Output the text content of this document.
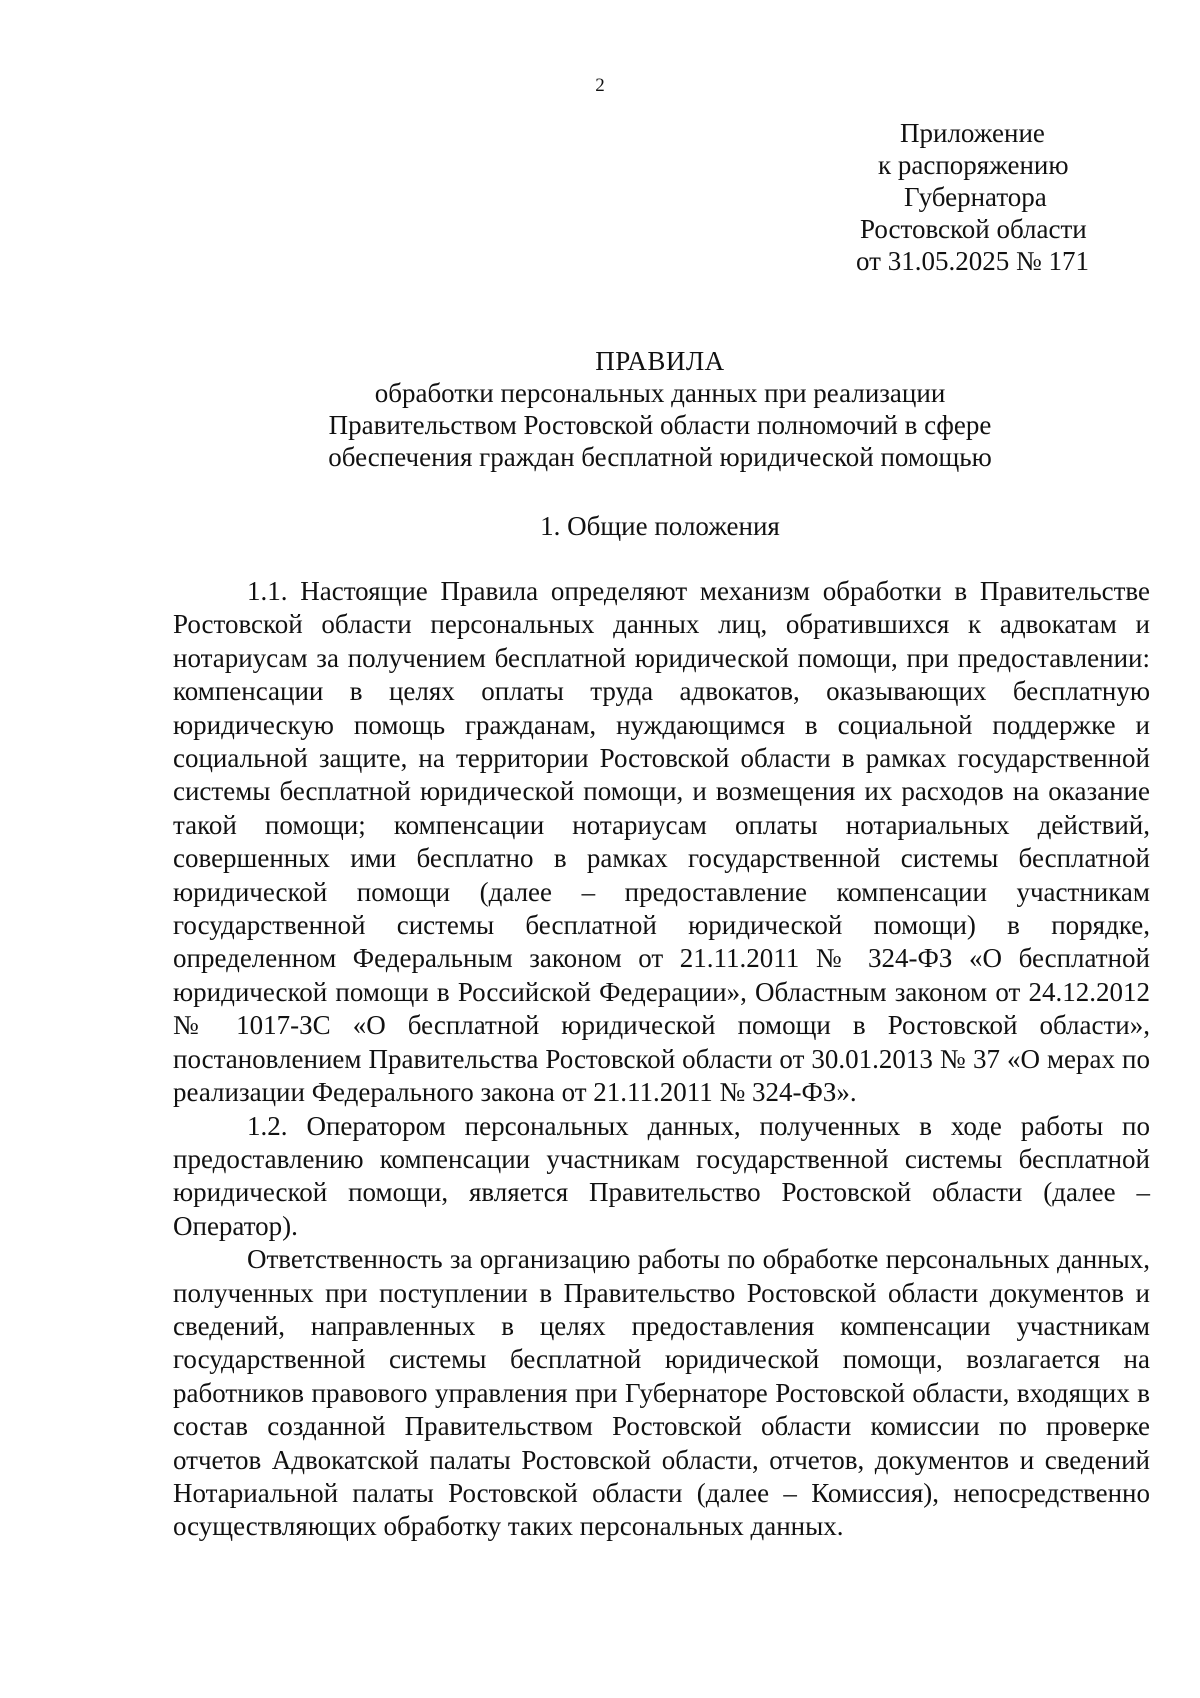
2
Приложение
к распоряжению
Губернатора
Ростовской области
от 31.05.2025 № 171
ПРАВИЛА
обработки персональных данных при реализации
Правительством Ростовской области полномочий в сфере
обеспечения граждан бесплатной юридической помощью
1. Общие положения

1.1. Настоящие Правила определяют механизм обработки в Правительстве Ростовской области персональных данных лиц, обратившихся к адвокатам и нотариусам за получением бесплатной юридической помощи, при предоставлении: компенсации в целях оплаты труда адвокатов, оказывающих бесплатную юридическую помощь гражданам, нуждающимся в социальной поддержке и социальной защите, на территории Ростовской области в рамках государственной системы бесплатной юридической помощи, и возмещения их расходов на оказание такой помощи; компенсации нотариусам оплаты нотариальных действий, совершенных ими бесплатно в рамках государственной системы бесплатной юридической помощи (далее – предоставление компенсации участникам государственной системы бесплатной юридической помощи) в порядке, определенном Федеральным законом от 21.11.2011 № 324-ФЗ «О бесплатной юридической помощи в Российской Федерации», Областным законом от 24.12.2012 № 1017-ЗС «О бесплатной юридической помощи в Ростовской области», постановлением Правительства Ростовской области от 30.01.2013 № 37 «О мерах по реализации Федерального закона от 21.11.2011 № 324-ФЗ».

1.2. Оператором персональных данных, полученных в ходе работы по предоставлению компенсации участникам государственной системы бесплатной юридической помощи, является Правительство Ростовской области (далее – Оператор).

Ответственность за организацию работы по обработке персональных данных, полученных при поступлении в Правительство Ростовской области документов и сведений, направленных в целях предоставления компенсации участникам государственной системы бесплатной юридической помощи, возлагается на работников правового управления при Губернаторе Ростовской области, входящих в состав созданной Правительством Ростовской области комиссии по проверке отчетов Адвокатской палаты Ростовской области, отчетов, документов и сведений Нотариальной палаты Ростовской области (далее – Комиссия), непосредственно осуществляющих обработку таких персональных данных.
